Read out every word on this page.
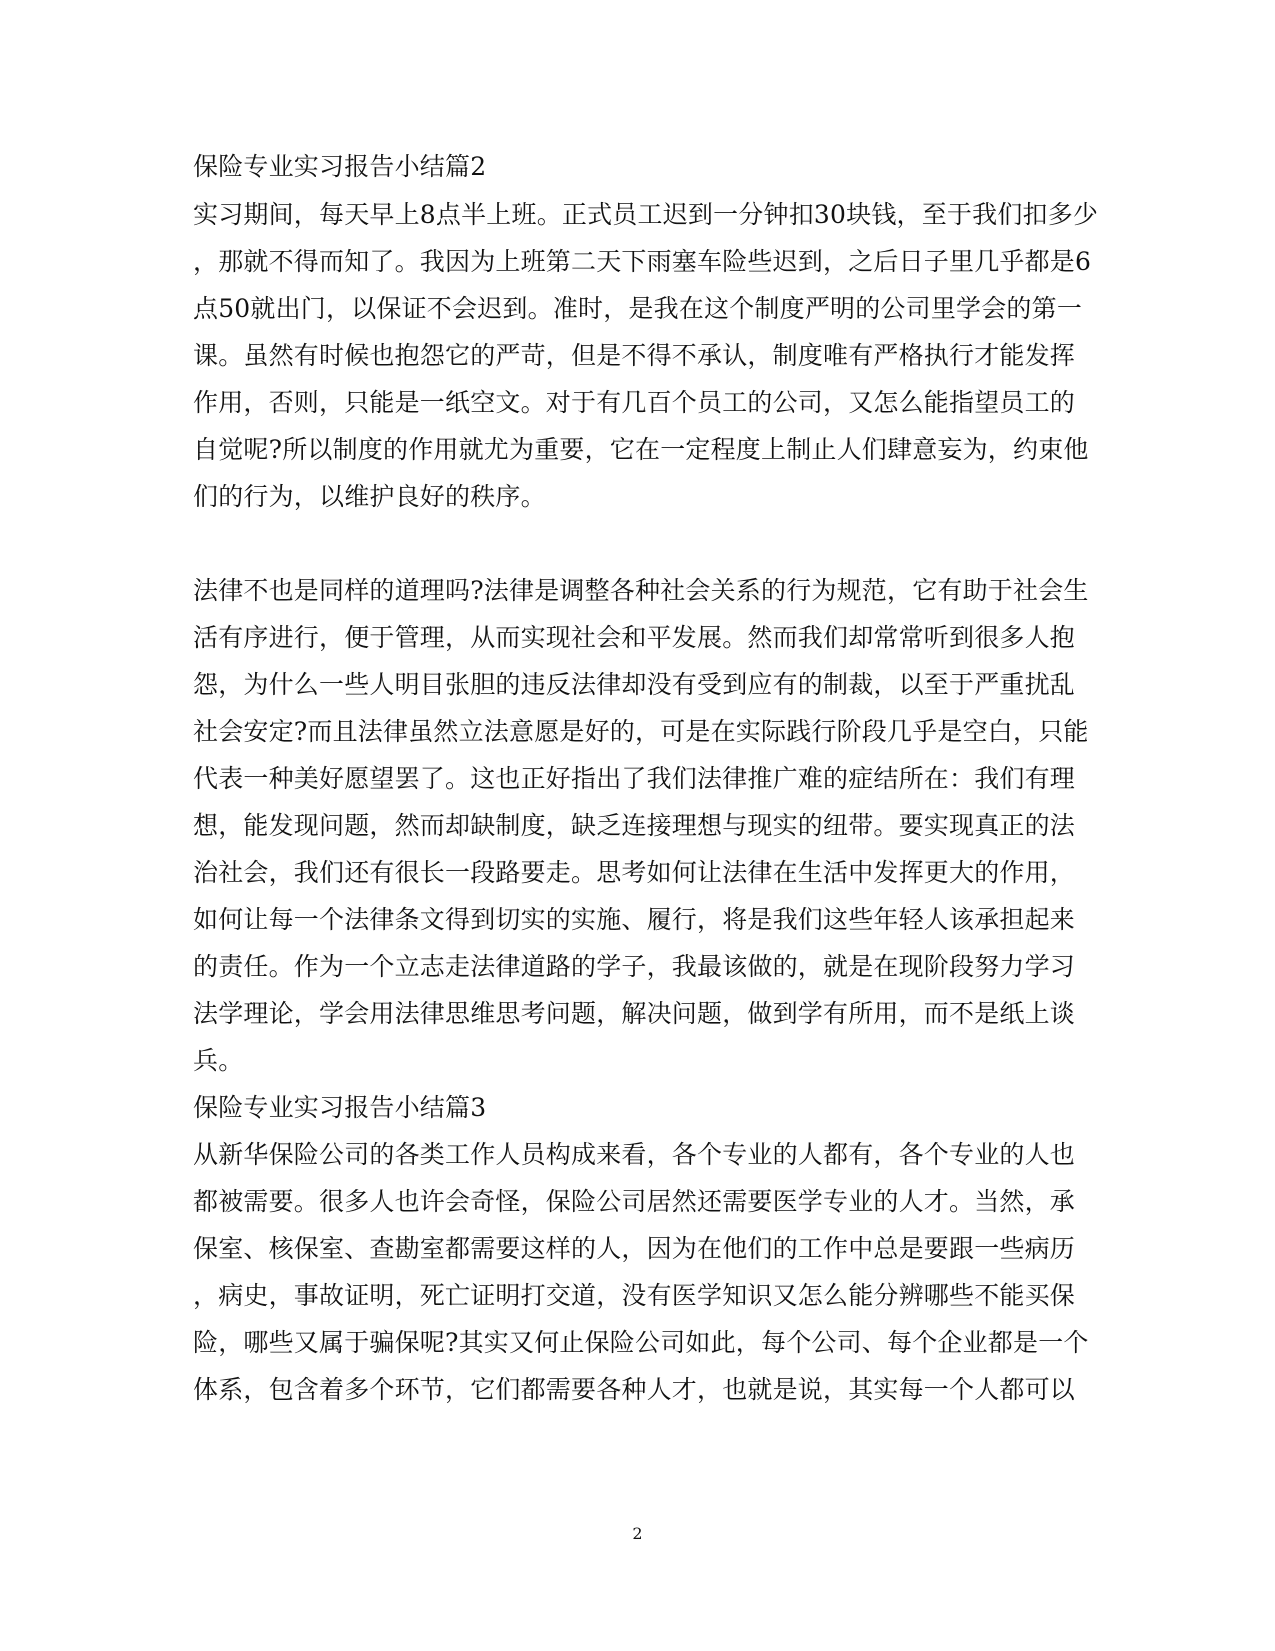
保险专业实习报告小结篇2
实习期间，每天早上8点半上班。正式员工迟到一分钟扣30块钱，至于我们扣多少
，那就不得而知了。我因为上班第二天下雨塞车险些迟到，之后日子里几乎都是6
点50就出门，以保证不会迟到。准时，是我在这个制度严明的公司里学会的第一
课。虽然有时候也抱怨它的严苛，但是不得不承认，制度唯有严格执行才能发挥
作用，否则，只能是一纸空文。对于有几百个员工的公司，又怎么能指望员工的
自觉呢?所以制度的作用就尤为重要，它在一定程度上制止人们肆意妄为，约束他
们的行为，以维护良好的秩序。
法律不也是同样的道理吗?法律是调整各种社会关系的行为规范，它有助于社会生
活有序进行，便于管理，从而实现社会和平发展。然而我们却常常听到很多人抱
怨，为什么一些人明目张胆的违反法律却没有受到应有的制裁，以至于严重扰乱
社会安定?而且法律虽然立法意愿是好的，可是在实际践行阶段几乎是空白，只能
代表一种美好愿望罢了。这也正好指出了我们法律推广难的症结所在：我们有理
想，能发现问题，然而却缺制度，缺乏连接理想与现实的纽带。要实现真正的法
治社会，我们还有很长一段路要走。思考如何让法律在生活中发挥更大的作用，
如何让每一个法律条文得到切实的实施、履行，将是我们这些年轻人该承担起来
的责任。作为一个立志走法律道路的学子，我最该做的，就是在现阶段努力学习
法学理论，学会用法律思维思考问题，解决问题，做到学有所用，而不是纸上谈
兵。
保险专业实习报告小结篇3
从新华保险公司的各类工作人员构成来看，各个专业的人都有，各个专业的人也
都被需要。很多人也许会奇怪，保险公司居然还需要医学专业的人才。当然，承
保室、核保室、查勘室都需要这样的人，因为在他们的工作中总是要跟一些病历
，病史，事故证明，死亡证明打交道，没有医学知识又怎么能分辨哪些不能买保
险，哪些又属于骗保呢?其实又何止保险公司如此，每个公司、每个企业都是一个
体系，包含着多个环节，它们都需要各种人才，也就是说，其实每一个人都可以
2
